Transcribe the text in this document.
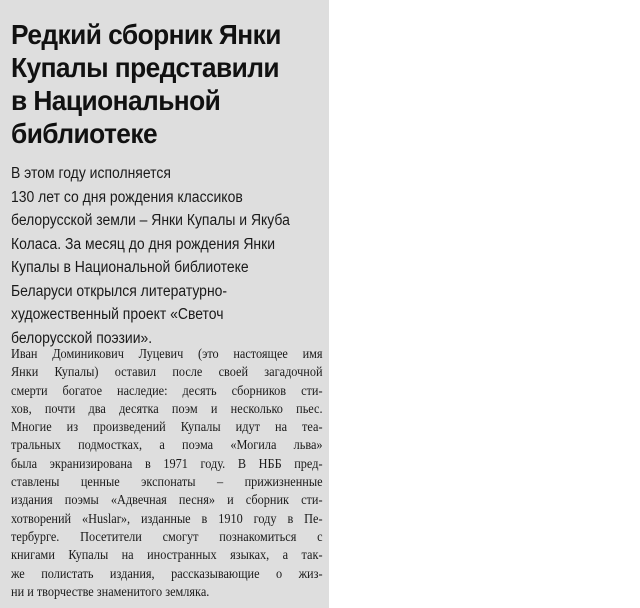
Редкий сборник Янки
Купалы представили
в Национальной
библиотеке
В этом году исполняется
130 лет со дня рождения классиков
белорусской земли – Янки Купалы и Якуба
Коласа. За месяц до дня рождения Янки
Купалы в Национальной библиотеке
Беларуси открылся литературно-
художественный проект «Светоч
белорусской поэзии».
Иван Доминикович Луцевич (это настоящее имя
Янки Купалы) оставил после своей загадочной
смерти богатое наследие: десять сборников сти-
хов, почти два десятка поэм и несколько пьес.
Многие из произведений Купалы идут на теа-
тральных подмостках, а поэма «Могила льва»
была экранизирована в 1971 году. В НББ пред-
ставлены ценные экспонаты – прижизненные
издания поэмы «Адвечная песня» и сборник сти-
хотворений «Huslar», изданные в 1910 году в Пе-
тербурге. Посетители смогут познакомиться с
книгами Купалы на иностранных языках, а так-
же полистать издания, рассказывающие о жиз-
ни и творчестве знаменитого земляка.
